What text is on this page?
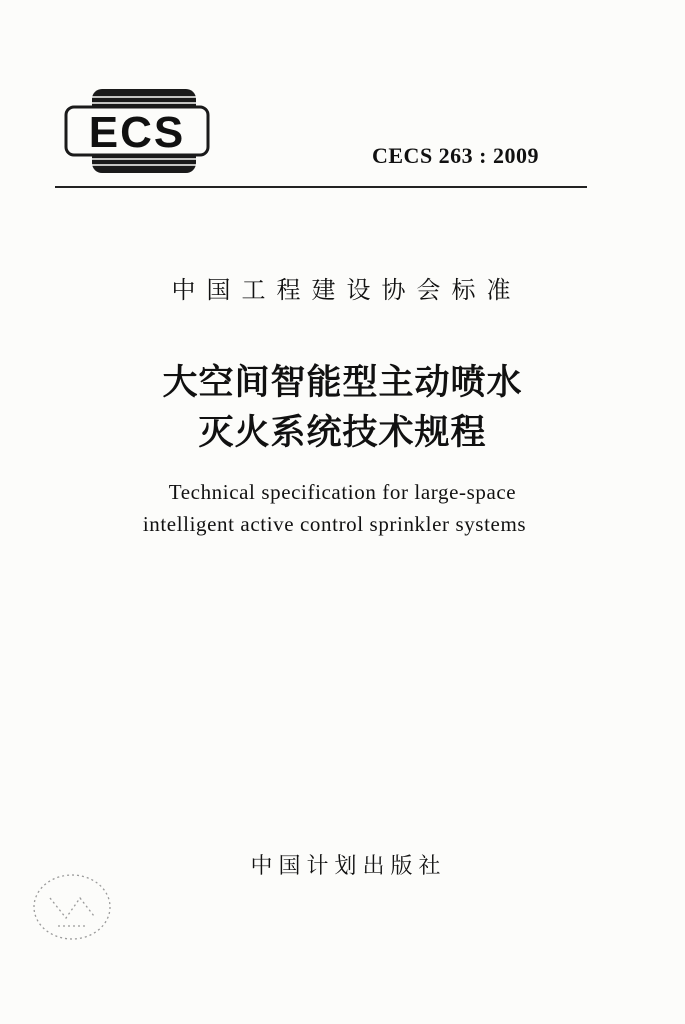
ECS	CECS 263 : 2009
中国工程建设协会标准
大空间智能型主动喷水
灭火系统技术规程
Technical specification for large-space
intelligent active control sprinkler systems
中国计划出版社
